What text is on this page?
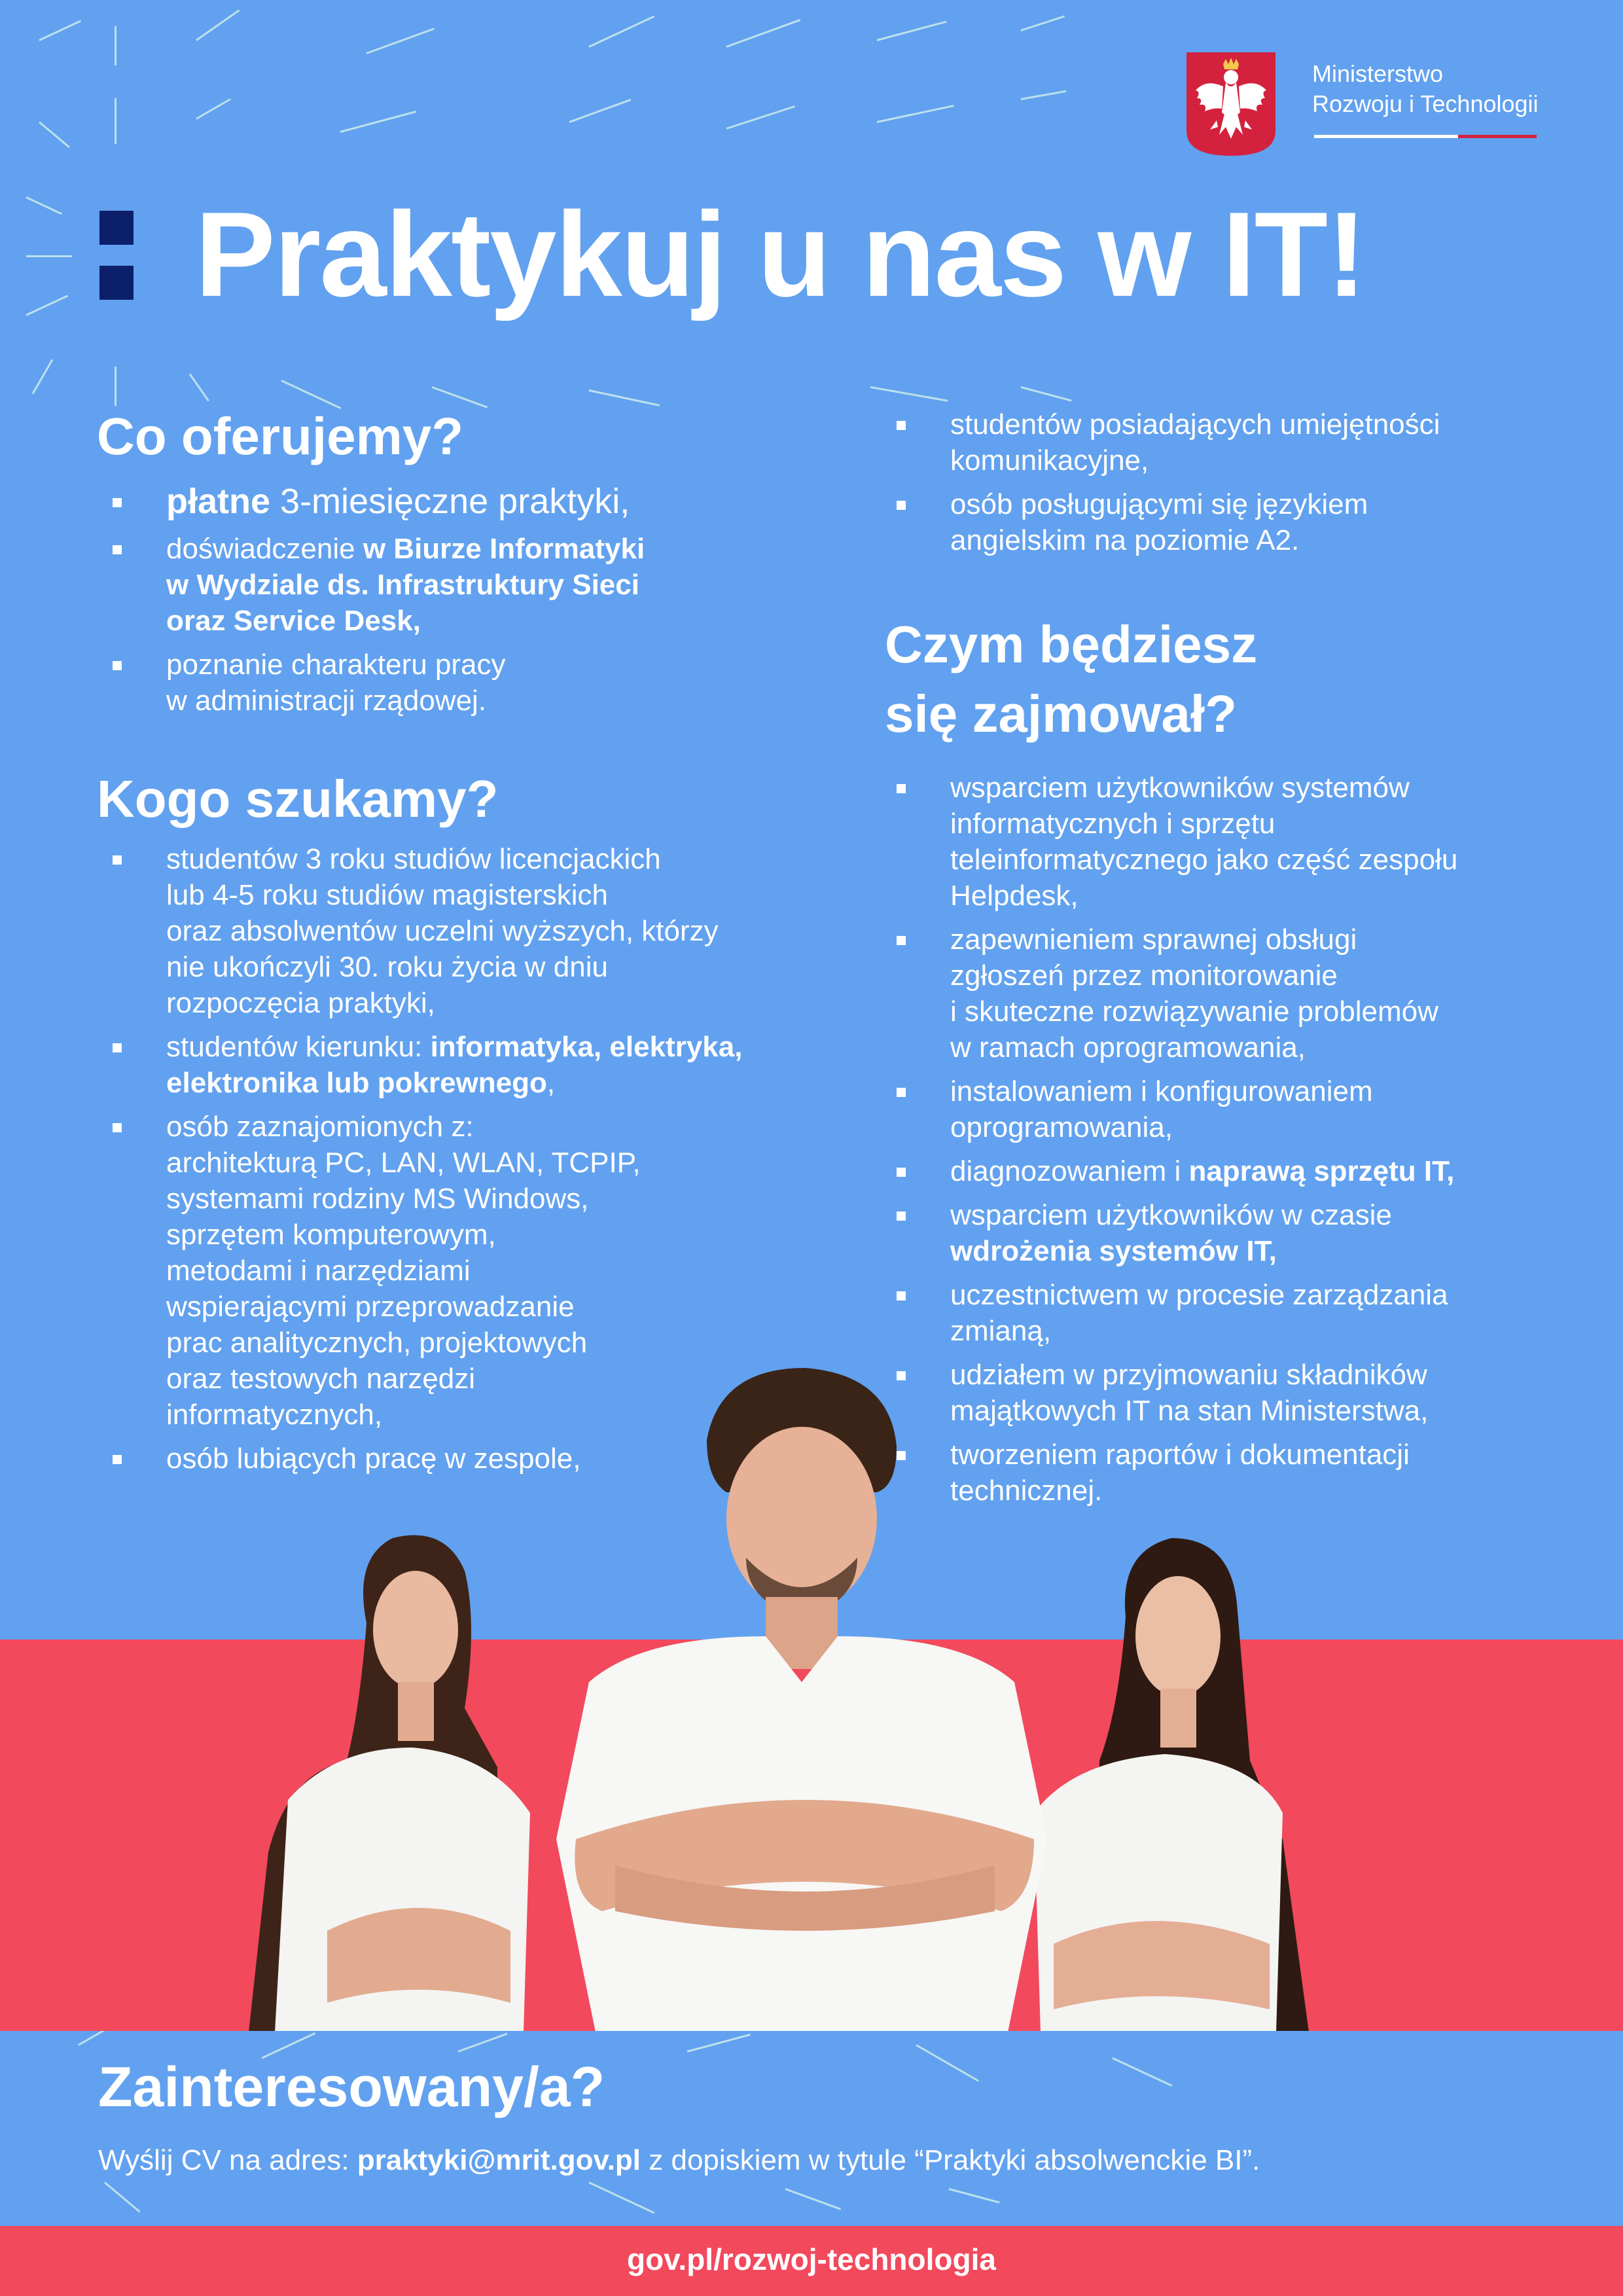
Ministerstwo
Rozwoju i Technologii
Praktykuj u nas w IT!
Co oferujemy?
płatne 3-miesięczne praktyki,
doświadczenie w Biurze Informatyki
w Wydziale ds. Infrastruktury Sieci
oraz Service Desk,
poznanie charakteru pracy
w administracji rządowej.
Kogo szukamy?
studentów 3 roku studiów licencjackich
lub 4-5 roku studiów magisterskich
oraz absolwentów uczelni wyższych, którzy
nie ukończyli 30. roku życia w dniu
rozpoczęcia praktyki,
studentów kierunku: informatyka, elektryka,
elektronika lub pokrewnego,
osób zaznajomionych z:
architekturą PC, LAN, WLAN, TCPIP,
systemami rodziny MS Windows,
sprzętem komputerowym,
metodami i narzędziami
wspierającymi przeprowadzanie
prac analitycznych, projektowych
oraz testowych narzędzi
informatycznych,
osób lubiących pracę w zespole,
studentów posiadających umiejętności
komunikacyjne,
osób posługującymi się językiem
angielskim na poziomie A2.
Czym będziesz
się zajmował?
wsparciem użytkowników systemów
informatycznych i sprzętu
teleinformatycznego jako część zespołu
Helpdesk,
zapewnieniem sprawnej obsługi
zgłoszeń przez monitorowanie
i skuteczne rozwiązywanie problemów
w ramach oprogramowania,
instalowaniem i konfigurowaniem
oprogramowania,
diagnozowaniem i naprawą sprzętu IT,
wsparciem użytkowników w czasie
wdrożenia systemów IT,
uczestnictwem w procesie zarządzania
zmianą,
udziałem w przyjmowaniu składników
majątkowych IT na stan Ministerstwa,
tworzeniem raportów i dokumentacji
technicznej.
Zainteresowany/a?
Wyślij CV na adres: praktyki@mrit.gov.pl z dopiskiem w tytule “Praktyki absolwenckie BI”.
gov.pl/rozwoj-technologia
